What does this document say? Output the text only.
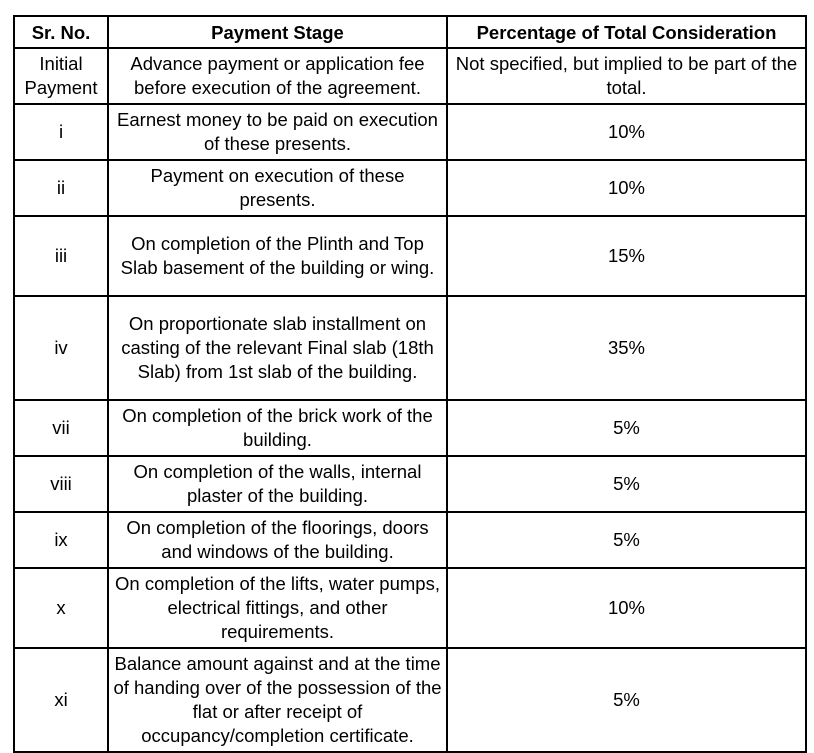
Sr. No.	Payment Stage	Percentage of Total Consideration
Initial Payment	Advance payment or application fee before execution of the agreement.	Not specified, but implied to be part of the total.
i	Earnest money to be paid on execution of these presents.	10%
ii	Payment on execution of these presents.	10%
iii	On completion of the Plinth and Top Slab basement of the building or wing.	15%
iv	On proportionate slab installment on casting of the relevant Final slab (18th Slab) from 1st slab of the building.	35%
vii	On completion of the brick work of the building.	5%
viii	On completion of the walls, internal plaster of the building.	5%
ix	On completion of the floorings, doors and windows of the building.	5%
x	On completion of the lifts, water pumps, electrical fittings, and other requirements.	10%
xi	Balance amount against and at the time of handing over of the possession of the flat or after receipt of occupancy/completion certificate.	5%
